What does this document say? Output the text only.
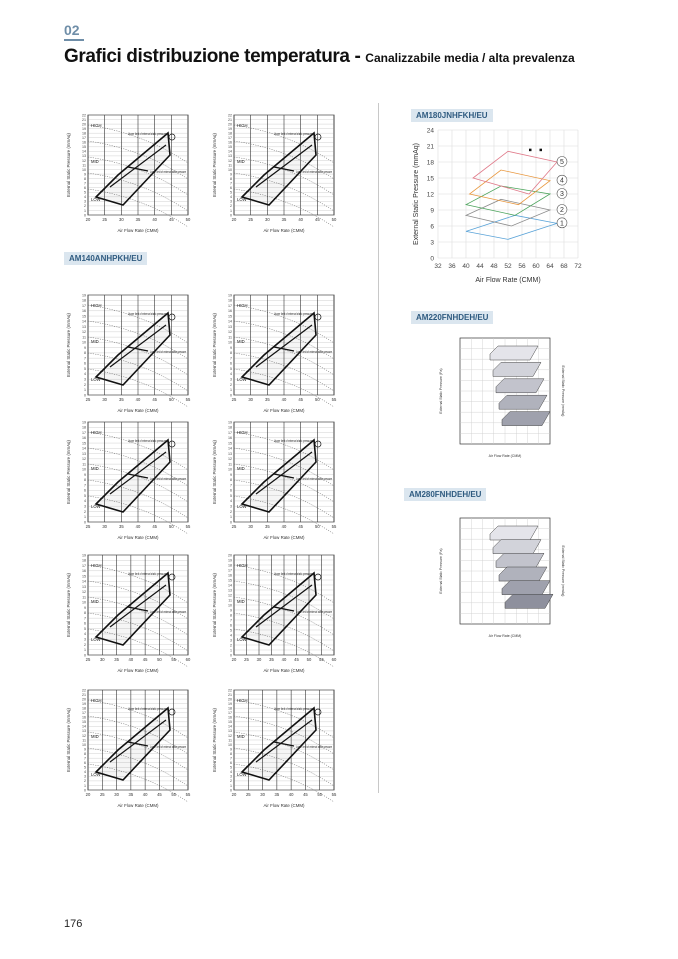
02
Grafici distribuzione temperatura - Canalizzabile media / alta prevalenza
0
1
2
3
4
5
6
7
8
9
10
11
12
13
14
15
16
17
18
19
20
21
22
20	25	30	35	40	45	50
HIGH
MID
LOW
Upper limit of external static pressure
Lower limit of external static pressure
Air Flow Rate (CMM)
External Static Pressure (mmAq)
0
1
2
3
4
5
6
7
8
9
10
11
12
13
14
15
16
17
18
19
20
21
22
20	25	30	35	40	45	50
HIGH
MID
LOW
Upper limit of external static pressure
Lower limit of external static pressure
Air Flow Rate (CMM)
External Static Pressure (mmAq)
0
1
2
3
4
5
6
7
8
9
10
11
12
13
14
15
16
17
18
19
25	30	35	40	45	50	55
HIGH
MID
LOW
Upper limit of external static pressure
Lower limit of external static pressure
Air Flow Rate (CMM)
External Static Pressure (mmAq)
0
1
2
3
4
5
6
7
8
9
10
11
12
13
14
15
16
17
18
19
25	30	35	40	45	50	55
HIGH
MID
LOW
Upper limit of external static pressure
Lower limit of external static pressure
Air Flow Rate (CMM)
External Static Pressure (mmAq)
0
1
2
3
4
5
6
7
8
9
10
11
12
13
14
15
16
17
18
19
25	30	35	40	45	50	55
HIGH
MID
LOW
Upper limit of external static pressure
Lower limit of external static pressure
Air Flow Rate (CMM)
External Static Pressure (mmAq)
0
1
2
3
4
5
6
7
8
9
10
11
12
13
14
15
16
17
18
19
25	30	35	40	45	50	55
HIGH
MID
LOW
Upper limit of external static pressure
Lower limit of external static pressure
Air Flow Rate (CMM)
External Static Pressure (mmAq)
0
1
2
3
4
5
6
7
8
9
10
11
12
13
14
15
16
17
18
19
25 30 35 40 45 50 55 60
HIGH
MID
LOW
Upper limit of external static pressure
Lower limit of external static pressure
Air Flow Rate (CMM)
External Static Pressure (mmAq)
0
1
2
3
4
5
6
7
8
9
10
11
12
13
14
15
16
17
18
19
20
20 25 30 35 40 45 50 55 60
HIGH
MID
LOW
Upper limit of external static pressure
Lower limit of external static pressure
Air Flow Rate (CMM)
External Static Pressure (mmAq)
0
1
2
3
4
5
6
7
8
9
10
11
12
13
14
15
16
17
18
19
20
21
22
20 25 30 35 40 45 50 55
HIGH
MID
LOW
Upper limit of external static pressure
Lower limit of external static pressure
Air Flow Rate (CMM)
External Static Pressure (mmAq)
0
1
2
3
4
5
6
7
8
9
10
11
12
13
14
15
16
17
18
19
20
21
22
20 25 30 35 40 45 50 55
HIGH
MID
LOW
Upper limit of external static pressure
Lower limit of external static pressure
Air Flow Rate (CMM)
External Static Pressure (mmAq)
AM140ANHPKH/EU
AM180JNHFKH/EU
0
3
6
9
12
15
18
21
24
32 36 40 44 48 52 56 60 64 68 72
1
2
3
4
5
Air Flow Rate (CMM)
External Static Pressure (mmAq)
AM220FNHDEH/EU
Air Flow Rate (CMM)
External Static Pressure (Pa)	External Static Pressure (mmAq)
AM280FNHDEH/EU
Air Flow Rate (CMM)
External Static Pressure (Pa)	External Static Pressure (mmAq)
176
